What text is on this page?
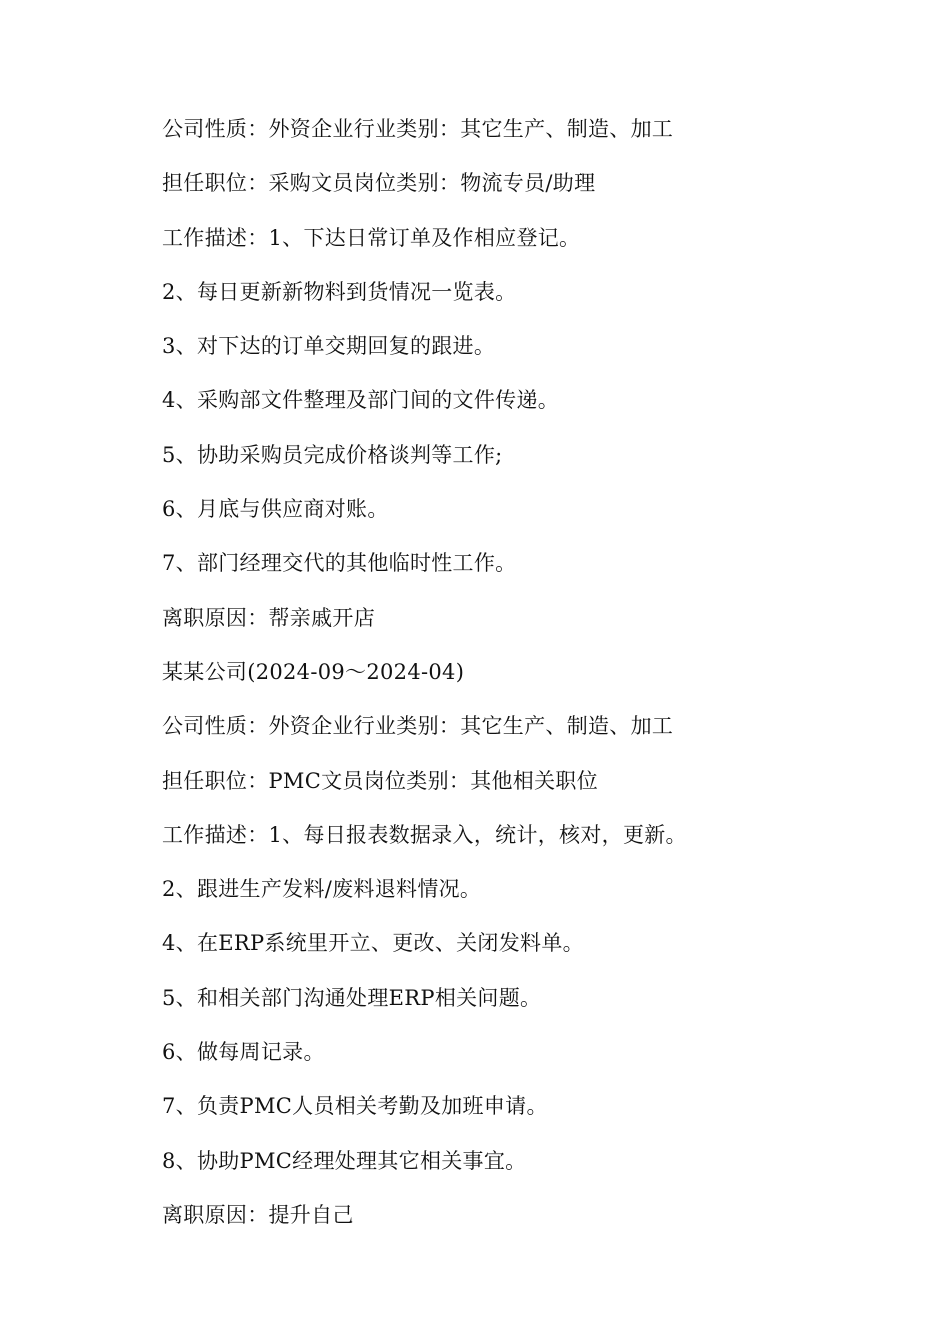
公司性质：外资企业行业类别：其它生产、制造、加工
担任职位：采购文员岗位类别：物流专员/助理
工作描述：1、下达日常订单及作相应登记。
2、每日更新新物料到货情况一览表。
3、对下达的订单交期回复的跟进。
4、采购部文件整理及部门间的文件传递。
5、协助采购员完成价格谈判等工作;
6、月底与供应商对账。
7、部门经理交代的其他临时性工作。
离职原因：帮亲戚开店
某某公司(2024-09～2024-04)
公司性质：外资企业行业类别：其它生产、制造、加工
担任职位：PMC文员岗位类别：其他相关职位
工作描述：1、每日报表数据录入，统计，核对，更新。
2、跟进生产发料/废料退料情况。
4、在ERP系统里开立、更改、关闭发料单。
5、和相关部门沟通处理ERP相关问题。
6、做每周记录。
7、负责PMC人员相关考勤及加班申请。
8、协助PMC经理处理其它相关事宜。
离职原因：提升自己
